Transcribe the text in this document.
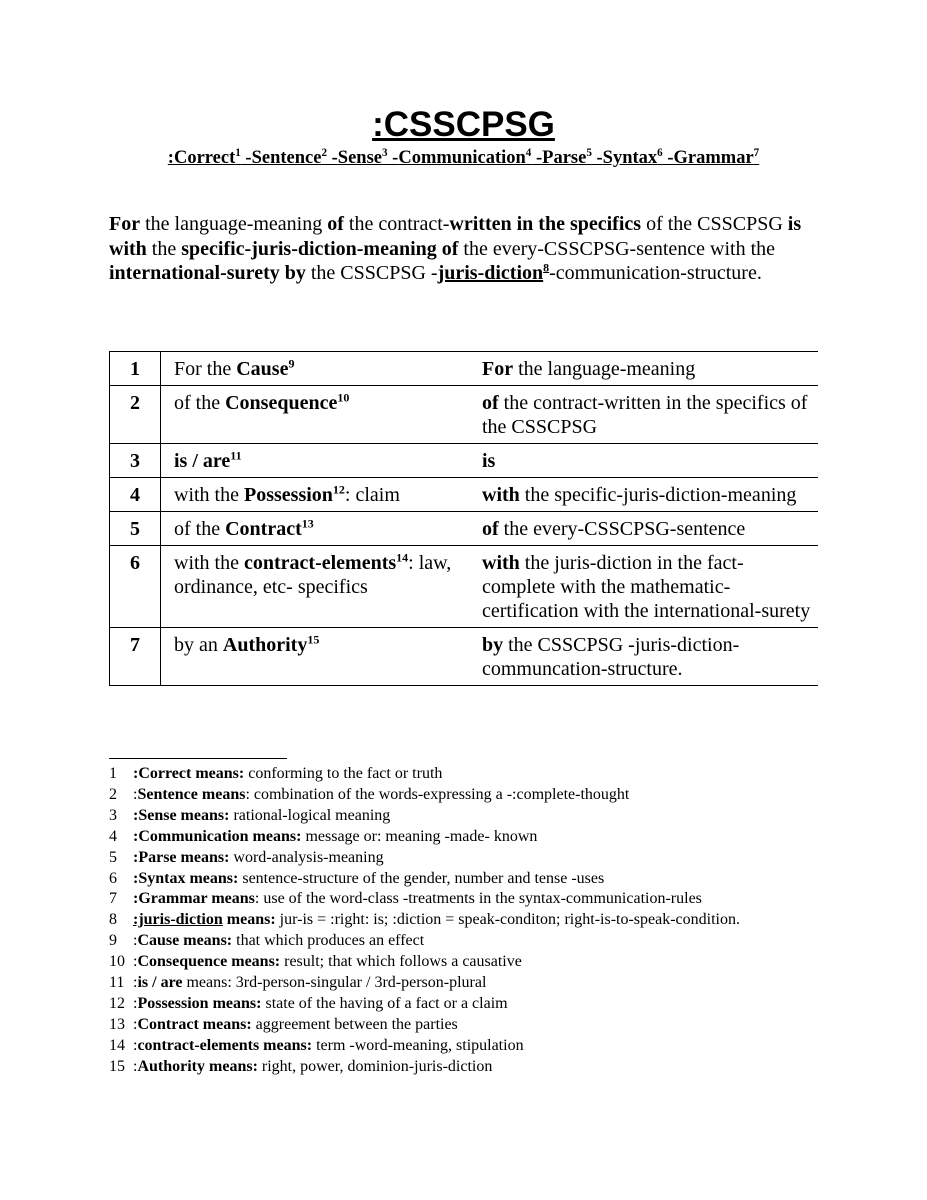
:CSSCPSG
:Correct$^1$ -Sentence$^2$ -Sense$^3$ -Communication$^4$ -Parse$^5$ -Syntax$^6$ -Grammar$^7$
For the language-meaning of the contract-written in the specifics of the CSSCPSG is with the specific-juris-diction-meaning of the every-CSSCPSG-sentence with the international-surety by the CSSCPSG -juris-diction$^8$-communication-structure.
1	For the Cause$^9$	For the language-meaning
2	of the Consequence$^{10}$	of the contract-written in the specifics of the CSSCPSG
3	is / are$^{11}$	is
4	with the Possession$^{12}$: claim	with the specific-juris-diction-meaning
5	of the Contract$^{13}$	of the every-CSSCPSG-sentence
6	with the contract-elements$^{14}$: law, ordinance, etc- specifics	with the juris-diction in the fact-complete with the mathematic-certification with the international-surety
7	by an Authority$^{15}$	by the CSSCPSG -juris-diction-communcation-structure.
1	:Correct means: conforming to the fact or truth
2	:Sentence means: combination of the words-expressing a -:complete-thought
3	:Sense means: rational-logical meaning
4	:Communication means: message or: meaning -made- known
5	:Parse means: word-analysis-meaning
6	:Syntax means: sentence-structure of the gender, number and tense -uses
7	:Grammar means: use of the word-class -treatments in the syntax-communication-rules
8	:juris-diction means: jur-is = :right: is; :diction = speak-conditon; right-is-to-speak-condition.
9	:Cause means: that which produces an effect
10 :Consequence means: result; that which follows a causative
11 :is / are means: 3rd-person-singular / 3rd-person-plural
12 :Possession means: state of the having of a fact or a claim
13 :Contract means: aggreement between the parties
14 :contract-elements means: term -word-meaning, stipulation
15 :Authority means: right, power, dominion-juris-diction
